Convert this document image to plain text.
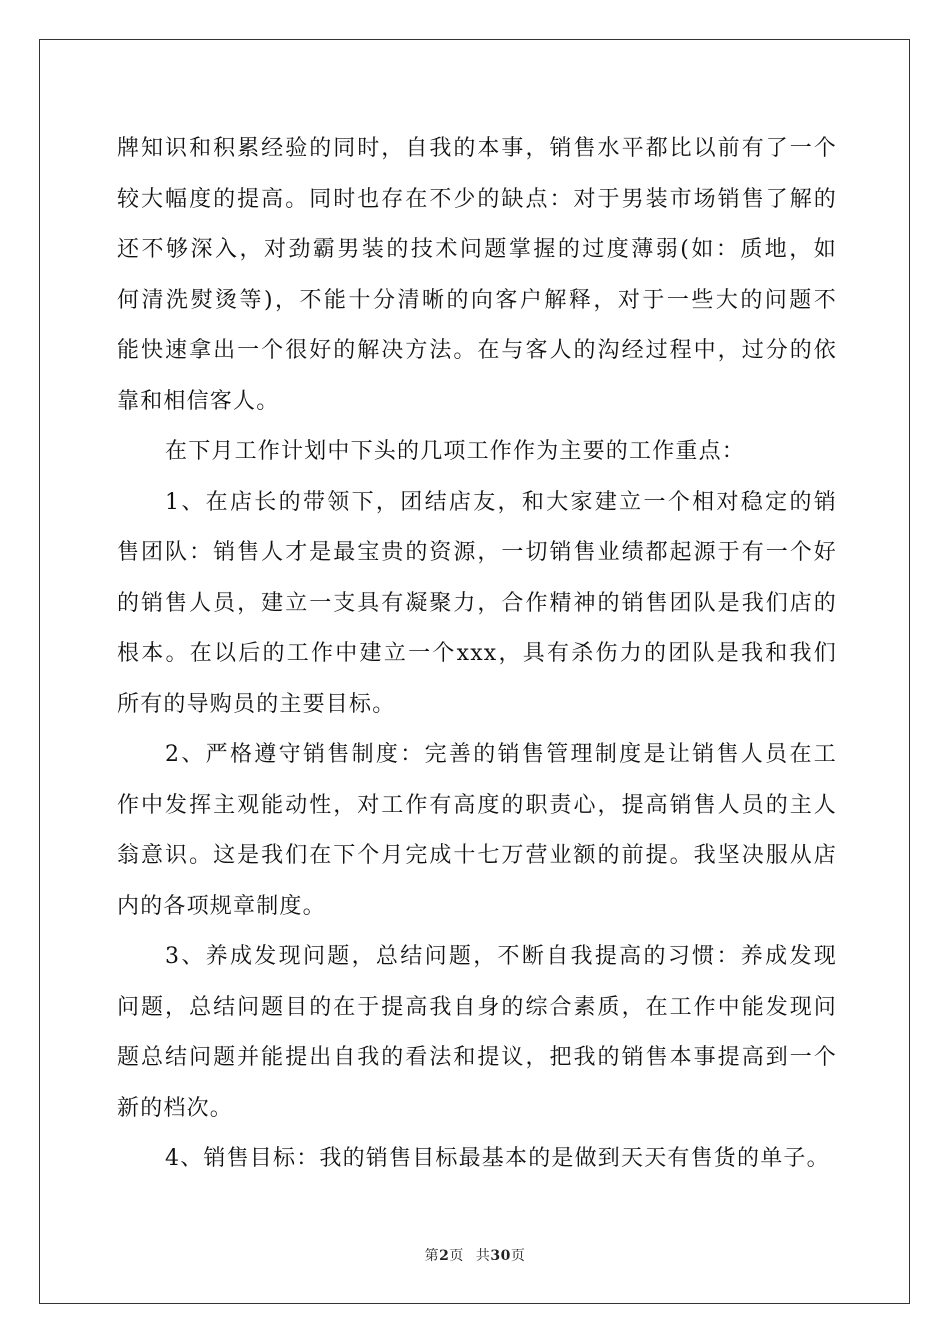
牌知识和积累经验的同时，自我的本事，销售水平都比以前有了一个
较大幅度的提高。同时也存在不少的缺点：对于男装市场销售了解的
还不够深入，对劲霸男装的技术问题掌握的过度薄弱(如：质地，如
何清洗熨烫等)，不能十分清晰的向客户解释，对于一些大的问题不
能快速拿出一个很好的解决方法。在与客人的沟经过程中，过分的依
靠和相信客人。
在下月工作计划中下头的几项工作作为主要的工作重点：
1、在店长的带领下，团结店友，和大家建立一个相对稳定的销
售团队：销售人才是最宝贵的资源，一切销售业绩都起源于有一个好
的销售人员，建立一支具有凝聚力，合作精神的销售团队是我们店的
根本。在以后的工作中建立一个xxx，具有杀伤力的团队是我和我们
所有的导购员的主要目标。
2、严格遵守销售制度：完善的销售管理制度是让销售人员在工
作中发挥主观能动性，对工作有高度的职责心，提高销售人员的主人
翁意识。这是我们在下个月完成十七万营业额的前提。我坚决服从店
内的各项规章制度。
3、养成发现问题，总结问题，不断自我提高的习惯：养成发现
问题，总结问题目的在于提高我自身的综合素质，在工作中能发现问
题总结问题并能提出自我的看法和提议，把我的销售本事提高到一个
新的档次。
4、销售目标：我的销售目标最基本的是做到天天有售货的单子。
第2页 共30页
